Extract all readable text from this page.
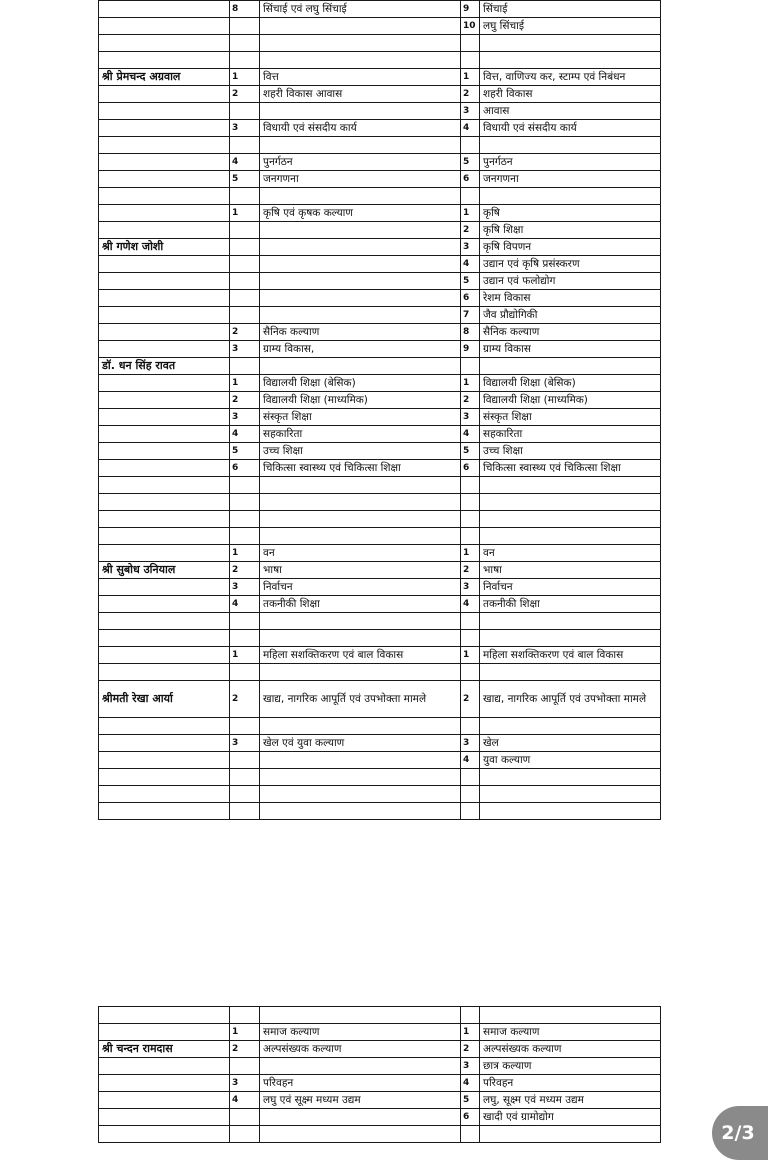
	8	सिंचाई एवं लघु सिंचाई	9	सिंचाई
			10	लघु सिंचाई

श्री प्रेमचन्द अग्रवाल	1	वित्त	1	वित्त, वाणिज्य कर, स्टाम्प एवं निबंधन
	2	शहरी विकास आवास	2	शहरी विकास
			3	आवास
	3	विधायी एवं संसदीय कार्य	4	विधायी एवं संसदीय कार्य

	4	पुनर्गठन	5	पुनर्गठन
	5	जनगणना	6	जनगणना

	1	कृषि एवं कृषक कल्याण	1	कृषि
			2	कृषि शिक्षा
श्री गणेश जोशी			3	कृषि विपणन
			4	उद्यान एवं कृषि प्रसंस्करण
			5	उद्यान एवं फलोद्योग
			6	रेशम विकास
			7	जैव प्रौद्योगिकी
	2	सैनिक कल्याण	8	सैनिक कल्याण
	3	ग्राम्य विकास,	9	ग्राम्य विकास
डॉ. धन सिंह रावत				
	1	विद्यालयी शिक्षा (बेसिक)	1	विद्यालयी शिक्षा (बेसिक)
	2	विद्यालयी शिक्षा (माध्यमिक)	2	विद्यालयी शिक्षा (माध्यमिक)
	3	संस्कृत शिक्षा	3	संस्कृत शिक्षा
	4	सहकारिता	4	सहकारिता
	5	उच्च शिक्षा	5	उच्च शिक्षा
	6	चिकित्सा स्वास्थ्य एवं चिकित्सा शिक्षा	6	चिकित्सा स्वास्थ्य एवं चिकित्सा शिक्षा

	1	वन	1	वन
श्री सुबोध उनियाल	2	भाषा	2	भाषा
	3	निर्वाचन	3	निर्वाचन
	4	तकनीकी शिक्षा	4	तकनीकी शिक्षा

	1	महिला सशक्तिकरण एवं बाल विकास	1	महिला सशक्तिकरण एवं बाल विकास

श्रीमती रेखा आर्या	2	खाद्य, नागरिक आपूर्ति एवं उपभोक्ता मामले	2	खाद्य, नागरिक आपूर्ति एवं उपभोक्ता मामले

	3	खेल एवं युवा कल्याण	3	खेल
			4	युवा कल्याण

	1	समाज कल्याण	1	समाज कल्याण
श्री चन्दन रामदास	2	अल्पसंख्यक कल्याण	2	अल्पसंख्यक कल्याण
			3	छात्र कल्याण
	3	परिवहन	4	परिवहन
	4	लघु एवं सूक्ष्म मध्यम उद्यम	5	लघु, सूक्ष्म एवं मध्यम उद्यम
			6	खादी एवं ग्रामोद्योग

2/3
